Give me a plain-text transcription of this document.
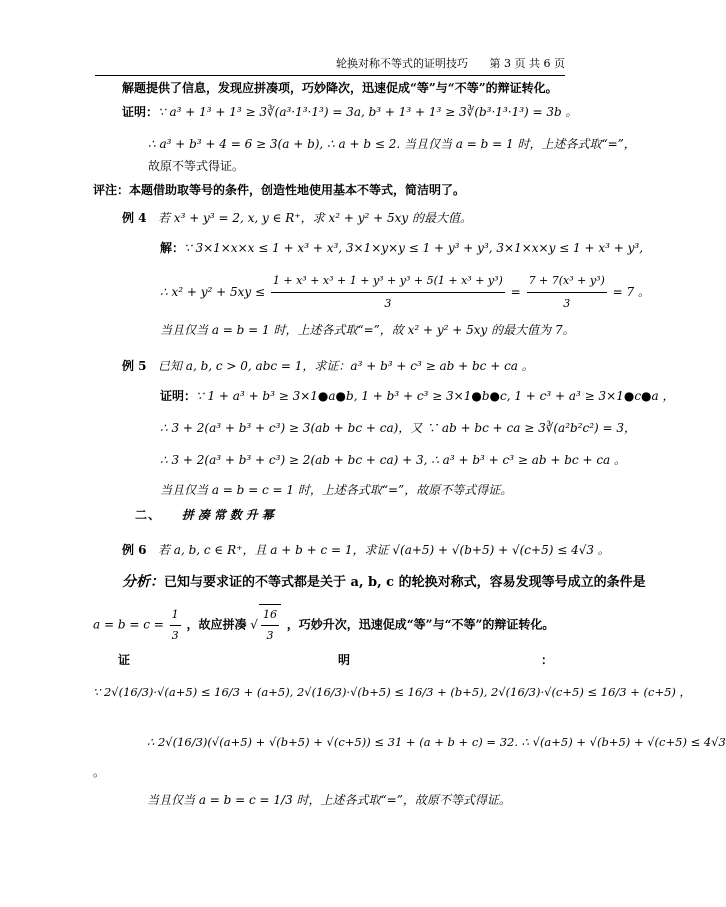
轮换对称不等式的证明技巧 第 3 页 共 6 页
解题提供了信息，发现应拼凑项，巧妙降次，迅速促成“等”与“不等”的辩证转化。
证明：∵ a³ + 1³ + 1³ ≥ 3∛(a³·1³·1³) = 3a, b³ + 1³ + 1³ ≥ 3∛(b³·1³·1³) = 3b 。
∴ a³ + b³ + 4 = 6 ≥ 3(a + b), ∴ a + b ≤ 2. 当且仅当 a = b = 1 时，上述各式取“=”，
故原不等式得证。
评注：本题借助取等号的条件，创造性地使用基本不等式，简洁明了。
例 4 若 x³ + y³ = 2, x, y ∈ R⁺，求 x² + y² + 5xy 的最大值。
解：∵ 3×1×x×x ≤ 1 + x³ + x³, 3×1×y×y ≤ 1 + y³ + y³, 3×1×x×y ≤ 1 + x³ + y³,
∴ $x^2 + y^2 + 5xy \le \frac{\text{1 + x³ + x³ + 1 + y³ + y³ + 5(1 + x³ + y³)}}{3} = \frac{\text{7 + 7(x³ + y³)}}{3} = 7$ 。
当且仅当 a = b = 1 时，上述各式取“=”，故 x² + y² + 5xy 的最大值为 7。
例 5 已知 a, b, c > 0, abc = 1，求证：a³ + b³ + c³ ≥ ab + bc + ca 。
证明：∵ 1 + a³ + b³ ≥ 3×1●a●b, 1 + b³ + c³ ≥ 3×1●b●c, 1 + c³ + a³ ≥ 3×1●c●a ，
∴ 3 + 2(a³ + b³ + c³) ≥ 3(ab + bc + ca)，又 ∵ ab + bc + ca ≥ 3∛(a²b²c²) = 3，
∴ 3 + 2(a³ + b³ + c³) ≥ 2(ab + bc + ca) + 3, ∴ a³ + b³ + c³ ≥ ab + bc + ca 。
当且仅当 a = b = c = 1 时，上述各式取“=”，故原不等式得证。
二、 拼凑常数升幂
例 6 若 a, b, c ∈ R⁺，且 a + b + c = 1，求证 √(a+5) + √(b+5) + √(c+5) ≤ 4√3 。
分析：已知与要求证的不等式都是关于 a, b, c 的轮换对称式，容易发现等号成立的条件是
$a = b = c = \frac{1}{3}$ ，故应拼凑 √ $\frac{16}{3}$ ，巧妙升次，迅速促成“等”与“不等”的辩证转化。
证	明	：
∵ 2√(16/3)·√(a+5) ≤ 16/3 + (a+5), 2√(16/3)·√(b+5) ≤ 16/3 + (b+5), 2√(16/3)·√(c+5) ≤ 16/3 + (c+5) ，
∴ 2√(16/3)(√(a+5) + √(b+5) + √(c+5)) ≤ 31 + (a + b + c) = 32. ∴ √(a+5) + √(b+5) + √(c+5) ≤ 4√3
。
当且仅当 a = b = c = 1/3 时，上述各式取“=”，故原不等式得证。
